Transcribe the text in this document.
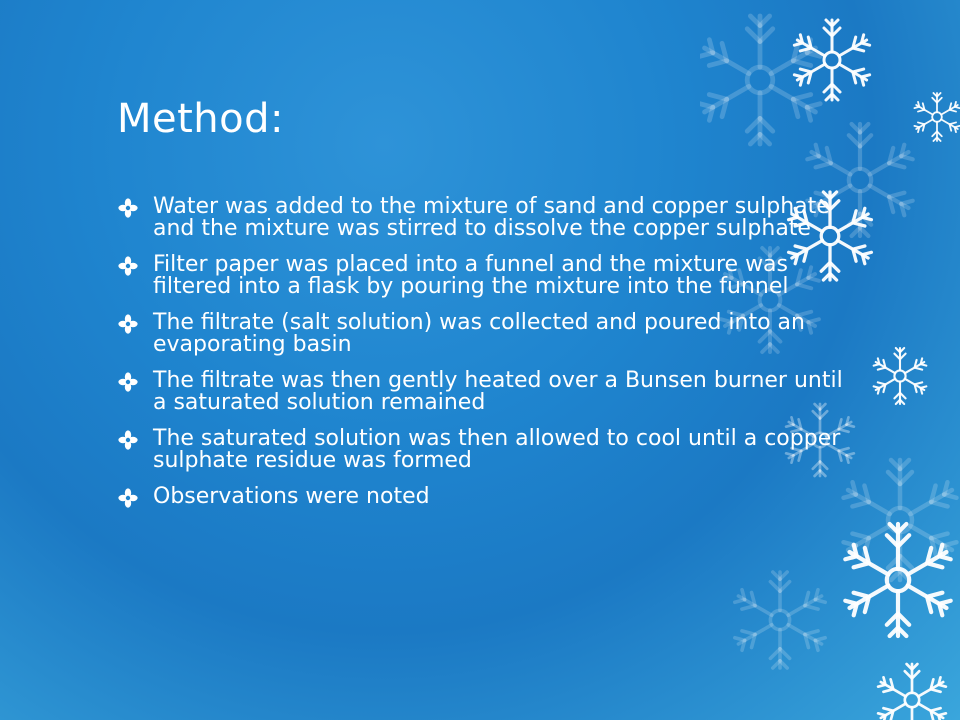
Method:
Water was added to the mixture of sand and copper sulphate and the mixture was stirred to dissolve the copper sulphate
Filter paper was placed into a funnel and the mixture was filtered into a flask by pouring the mixture into the funnel
The filtrate (salt solution) was collected and poured into an evaporating basin
The filtrate was then gently heated over a Bunsen burner until a saturated solution remained
The saturated solution was then allowed to cool until a copper sulphate residue was formed
Observations were noted
